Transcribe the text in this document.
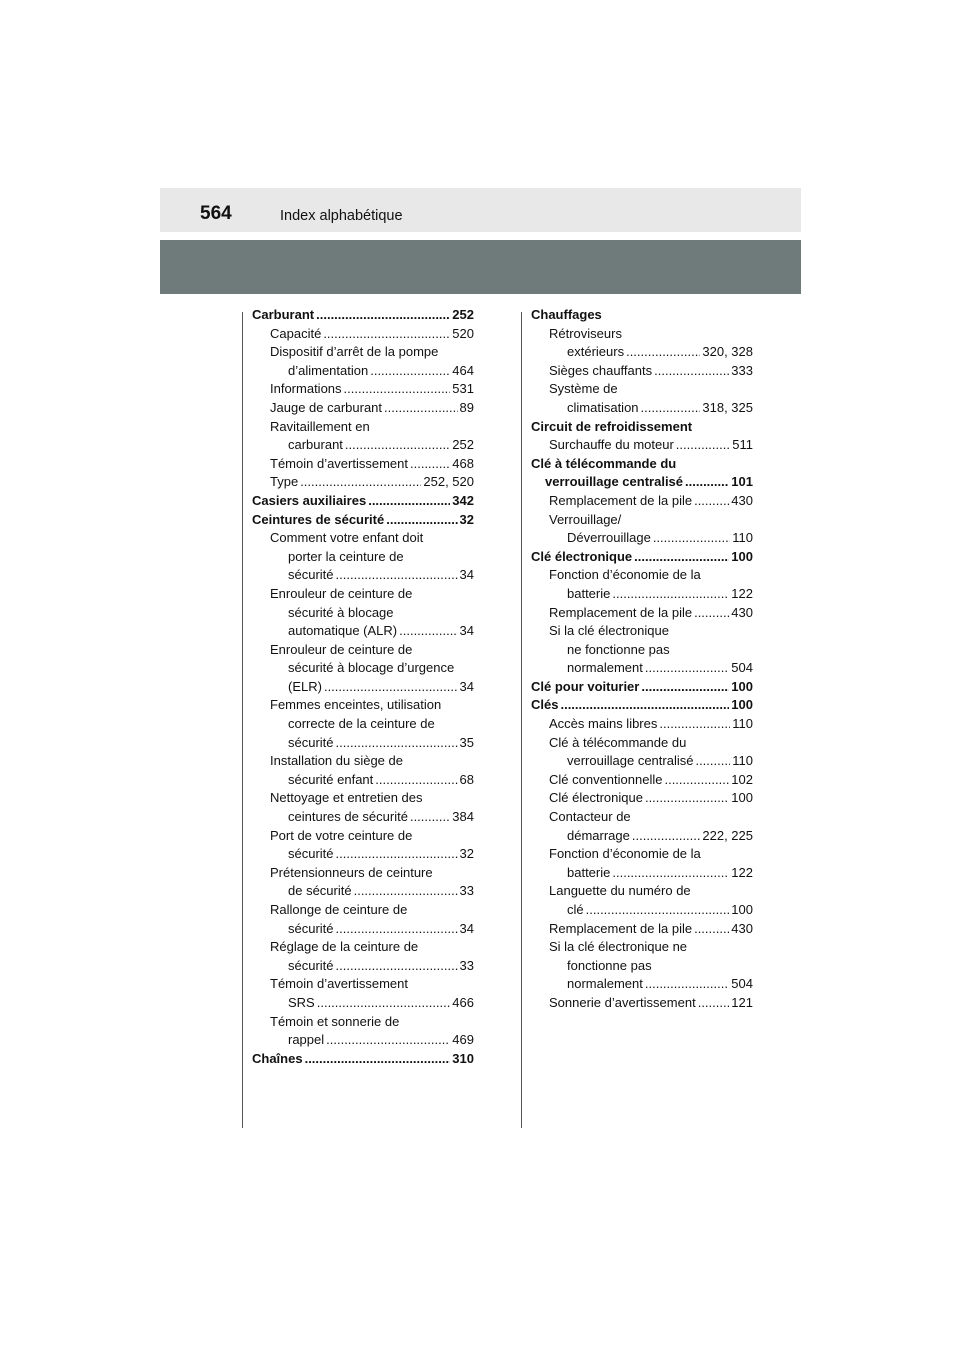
564	Index alphabétique
Carburant .....	252
Capacité .....	520
Dispositif d’arrêt de la pompe
d’alimentation .....	464
Informations .....	531
Jauge de carburant .....	89
Ravitaillement en
carburant .....	252
Témoin d’avertissement .....	468
Type .....	252, 520
Casiers auxiliaires .....	342
Ceintures de sécurité .....	32
Comment votre enfant doit
porter la ceinture de
sécurité .....	34
Enrouleur de ceinture de
sécurité à blocage
automatique (ALR) .....	34
Enrouleur de ceinture de
sécurité à blocage d’urgence
(ELR) .....	34
Femmes enceintes, utilisation
correcte de la ceinture de
sécurité .....	35
Installation du siège de
sécurité enfant .....	68
Nettoyage et entretien des
ceintures de sécurité .....	384
Port de votre ceinture de
sécurité .....	32
Prétensionneurs de ceinture
de sécurité .....	33
Rallonge de ceinture de
sécurité .....	34
Réglage de la ceinture de
sécurité .....	33
Témoin d’avertissement
SRS .....	466
Témoin et sonnerie de
rappel .....	469
Chaînes .....	310
Chauffages
Rétroviseurs
extérieurs .....	320, 328
Sièges chauffants .....	333
Système de
climatisation .....	318, 325
Circuit de refroidissement
Surchauffe du moteur .....	511
Clé à télécommande du
verrouillage centralisé .....	101
Remplacement de la pile .....	430
Verrouillage/
Déverrouillage .....	110
Clé électronique .....	100
Fonction d’économie de la
batterie .....	122
Remplacement de la pile .....	430
Si la clé électronique
ne fonctionne pas
normalement .....	504
Clé pour voiturier .....	100
Clés .....	100
Accès mains libres .....	110
Clé à télécommande du
verrouillage centralisé .....	110
Clé conventionnelle .....	102
Clé électronique .....	100
Contacteur de
démarrage .....	222, 225
Fonction d’économie de la
batterie .....	122
Languette du numéro de
clé .....	100
Remplacement de la pile .....	430
Si la clé électronique ne
fonctionne pas
normalement .....	504
Sonnerie d’avertissement .....	121
